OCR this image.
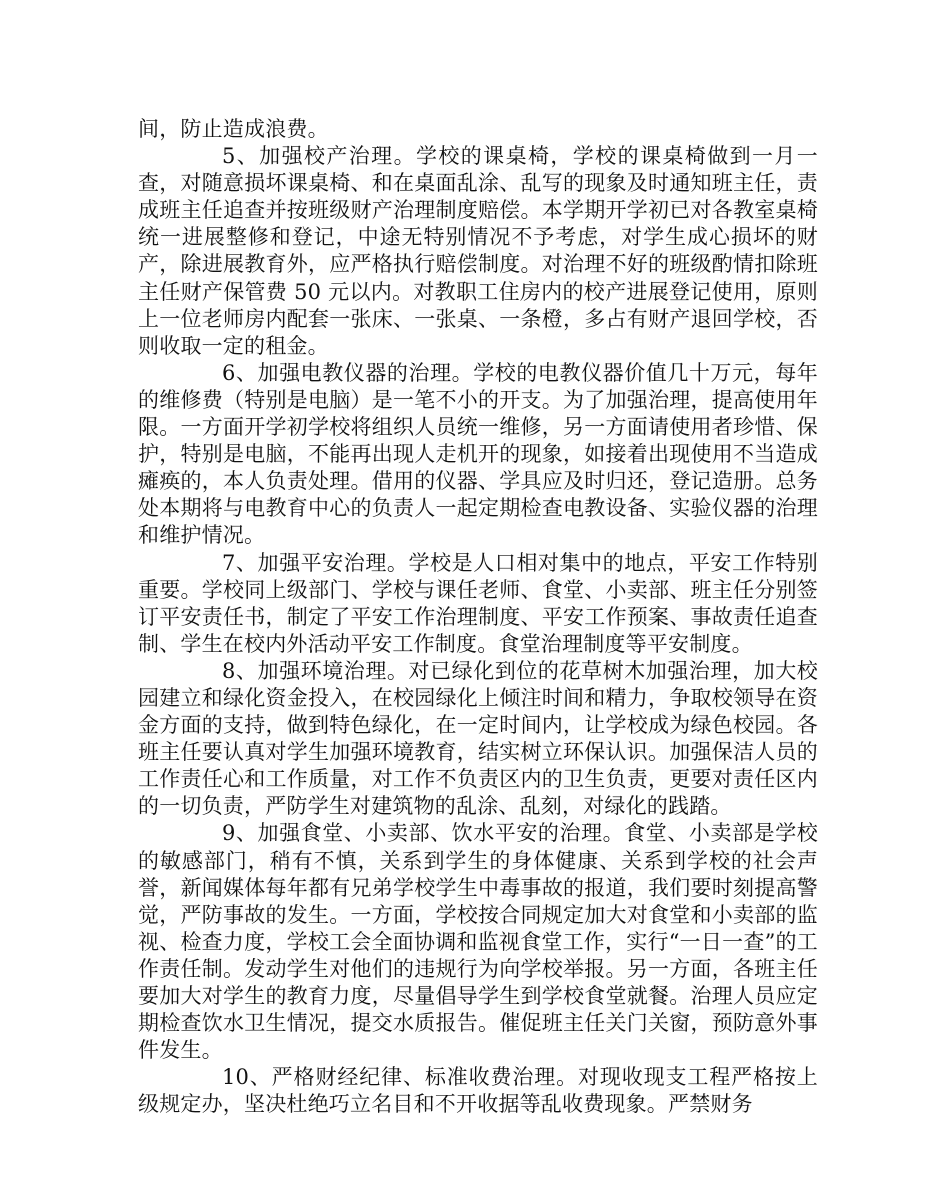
间，防止造成浪费。

5、加强校产治理。学校的课桌椅，学校的课桌椅做到一月一查，对随意损坏课桌椅、和在桌面乱涂、乱写的现象及时通知班主任，责成班主任追查并按班级财产治理制度赔偿。本学期开学初已对各教室桌椅统一进展整修和登记，中途无特别情况不予考虑，对学生成心损坏的财产，除进展教育外，应严格执行赔偿制度。对治理不好的班级酌情扣除班主任财产保管费 50 元以内。对教职工住房内的校产进展登记使用，原则上一位老师房内配套一张床、一张桌、一条橙，多占有财产退回学校，否则收取一定的租金。

6、加强电教仪器的治理。学校的电教仪器价值几十万元，每年的维修费（特别是电脑）是一笔不小的开支。为了加强治理，提高使用年限。一方面开学初学校将组织人员统一维修，另一方面请使用者珍惜、保护，特别是电脑，不能再出现人走机开的现象，如接着出现使用不当造成瘫痪的，本人负责处理。借用的仪器、学具应及时归还，登记造册。总务处本期将与电教育中心的负责人一起定期检查电教设备、实验仪器的治理和维护情况。

7、加强平安治理。学校是人口相对集中的地点，平安工作特别重要。学校同上级部门、学校与课任老师、食堂、小卖部、班主任分别签订平安责任书，制定了平安工作治理制度、平安工作预案、事故责任追查制、学生在校内外活动平安工作制度。食堂治理制度等平安制度。

8、加强环境治理。对已绿化到位的花草树木加强治理，加大校园建立和绿化资金投入，在校园绿化上倾注时间和精力，争取校领导在资金方面的支持，做到特色绿化，在一定时间内，让学校成为绿色校园。各班主任要认真对学生加强环境教育，结实树立环保认识。加强保洁人员的工作责任心和工作质量，对工作不负责区内的卫生负责，更要对责任区内的一切负责，严防学生对建筑物的乱涂、乱刻，对绿化的践踏。

9、加强食堂、小卖部、饮水平安的治理。食堂、小卖部是学校的敏感部门，稍有不慎，关系到学生的身体健康、关系到学校的社会声誉，新闻媒体每年都有兄弟学校学生中毒事故的报道，我们要时刻提高警觉，严防事故的发生。一方面，学校按合同规定加大对食堂和小卖部的监视、检查力度，学校工会全面协调和监视食堂工作，实行“一日一查”的工作责任制。发动学生对他们的违规行为向学校举报。另一方面，各班主任要加大对学生的教育力度，尽量倡导学生到学校食堂就餐。治理人员应定期检查饮水卫生情况，提交水质报告。催促班主任关门关窗，预防意外事件发生。

10、严格财经纪律、标准收费治理。对现收现支工程严格按上级规定办，坚决杜绝巧立名目和不开收据等乱收费现象。严禁财务
